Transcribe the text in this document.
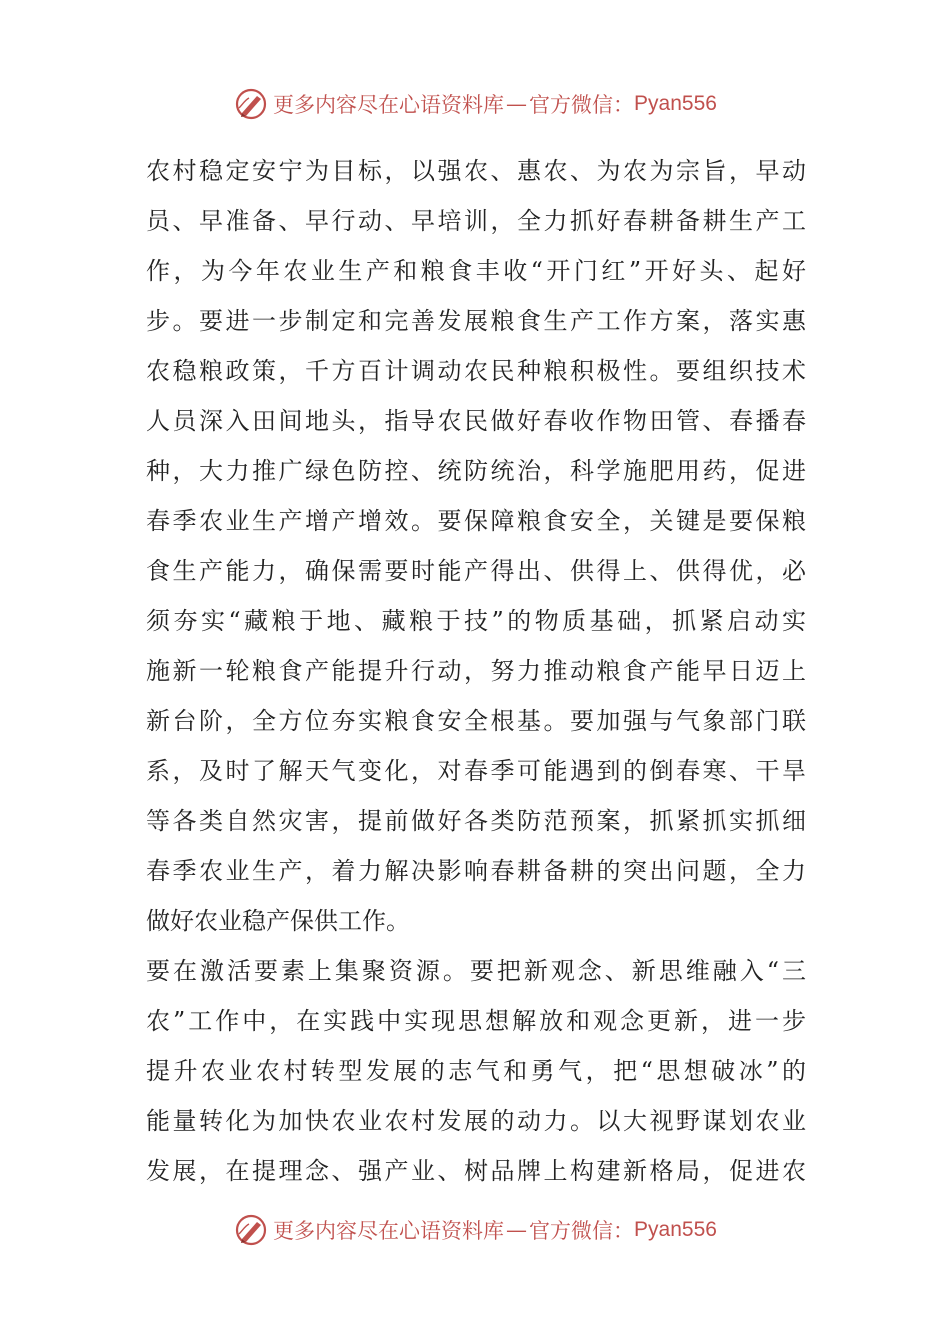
更多内容尽在心语资料库 — 官方微信： Pyan556
农村稳定安宁为目标，以强农、惠农、为农为宗旨，早动
员、早准备、早行动、早培训，全力抓好春耕备耕生产工
作，为今年农业生产和粮食丰收“开门红”开好头、起好
步。要进一步制定和完善发展粮食生产工作方案，落实惠
农稳粮政策，千方百计调动农民种粮积极性。要组织技术
人员深入田间地头，指导农民做好春收作物田管、春播春
种，大力推广绿色防控、统防统治，科学施肥用药，促进
春季农业生产增产增效。要保障粮食安全，关键是要保粮
食生产能力，确保需要时能产得出、供得上、供得优，必
须夯实“藏粮于地、藏粮于技”的物质基础，抓紧启动实
施新一轮粮食产能提升行动，努力推动粮食产能早日迈上
新台阶，全方位夯实粮食安全根基。要加强与气象部门联
系，及时了解天气变化，对春季可能遇到的倒春寒、干旱
等各类自然灾害，提前做好各类防范预案，抓紧抓实抓细
春季农业生产，着力解决影响春耕备耕的突出问题，全力
做好农业稳产保供工作。
要在激活要素上集聚资源。要把新观念、新思维融入“三
农”工作中，在实践中实现思想解放和观念更新，进一步
提升农业农村转型发展的志气和勇气，把“思想破冰”的
能量转化为加快农业农村发展的动力。以大视野谋划农业
发展，在提理念、强产业、树品牌上构建新格局，促进农
更多内容尽在心语资料库 — 官方微信： Pyan556
